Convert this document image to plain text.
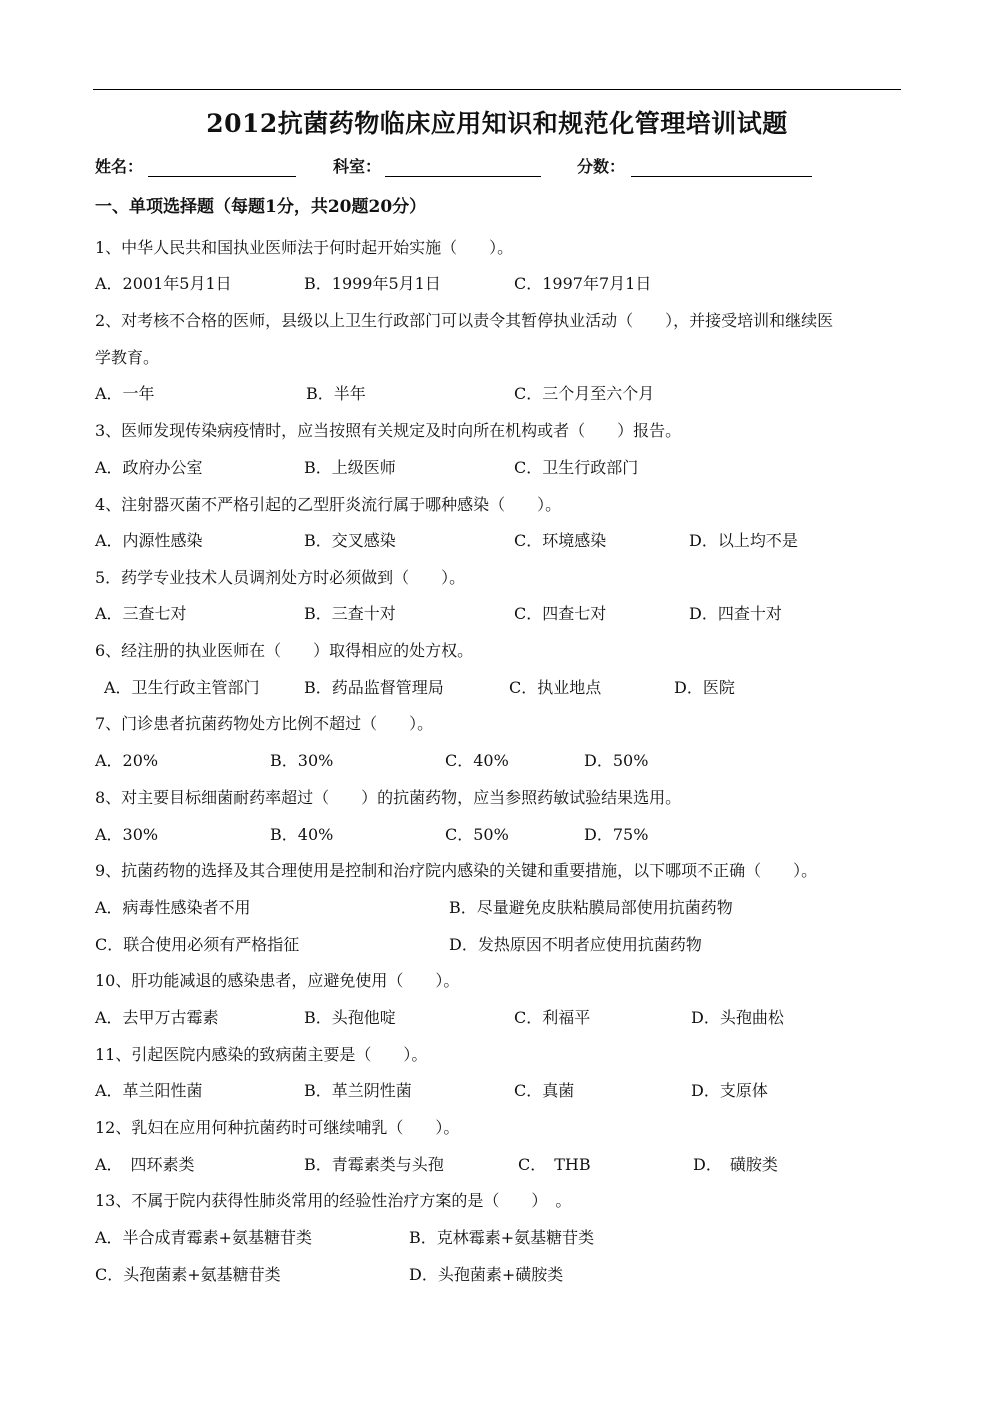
2012抗菌药物临床应用知识和规范化管理培训试题
姓名：	科室：	分数：
一、单项选择题（每题1分，共20题20分）
1、中华人民共和国执业医师法于何时起开始实施（　　）。
A．2001年5月1日	B．1999年5月1日	C．1997年7月1日
2、对考核不合格的医师，县级以上卫生行政部门可以责令其暂停执业活动（　　），并接受培训和继续医
学教育。
A．一年	B．半年	C．三个月至六个月
3、医师发现传染病疫情时，应当按照有关规定及时向所在机构或者（　　）报告。
A．政府办公室	B．上级医师	C．卫生行政部门
4、注射器灭菌不严格引起的乙型肝炎流行属于哪种感染（　　）。
A．内源性感染	B．交叉感染	C．环境感染	D．以上均不是
5．药学专业技术人员调剂处方时必须做到（　　）。
A．三查七对	B．三查十对	C．四查七对	D．四查十对
6、经注册的执业医师在（　　）取得相应的处方权。
A．卫生行政主管部门	B．药品监督管理局	C．执业地点	D．医院
7、门诊患者抗菌药物处方比例不超过（　　）。
A．20%	B．30%	C．40%	D．50%
8、对主要目标细菌耐药率超过（　　）的抗菌药物，应当参照药敏试验结果选用。
A．30%	B．40%	C．50%	D．75%
9、抗菌药物的选择及其合理使用是控制和治疗院内感染的关键和重要措施，以下哪项不正确（　　）。
A．病毒性感染者不用	B．尽量避免皮肤粘膜局部使用抗菌药物
C．联合使用必须有严格指征	D．发热原因不明者应使用抗菌药物
10、肝功能减退的感染患者，应避免使用（　　）。
A．去甲万古霉素	B．头孢他啶	C．利福平	D．头孢曲松
11、引起医院内感染的致病菌主要是（　　）。
A．革兰阳性菌	B．革兰阴性菌	C．真菌	D．支原体
12、乳妇在应用何种抗菌药时可继续哺乳（　　）。
A．　四环素类	B．青霉素类与头孢	C．　THB	D．　磺胺类
13、不属于院内获得性肺炎常用的经验性治疗方案的是（　　）　。
A．半合成青霉素+氨基糖苷类	B．克林霉素+氨基糖苷类
C．头孢菌素+氨基糖苷类	D．头孢菌素+磺胺类
